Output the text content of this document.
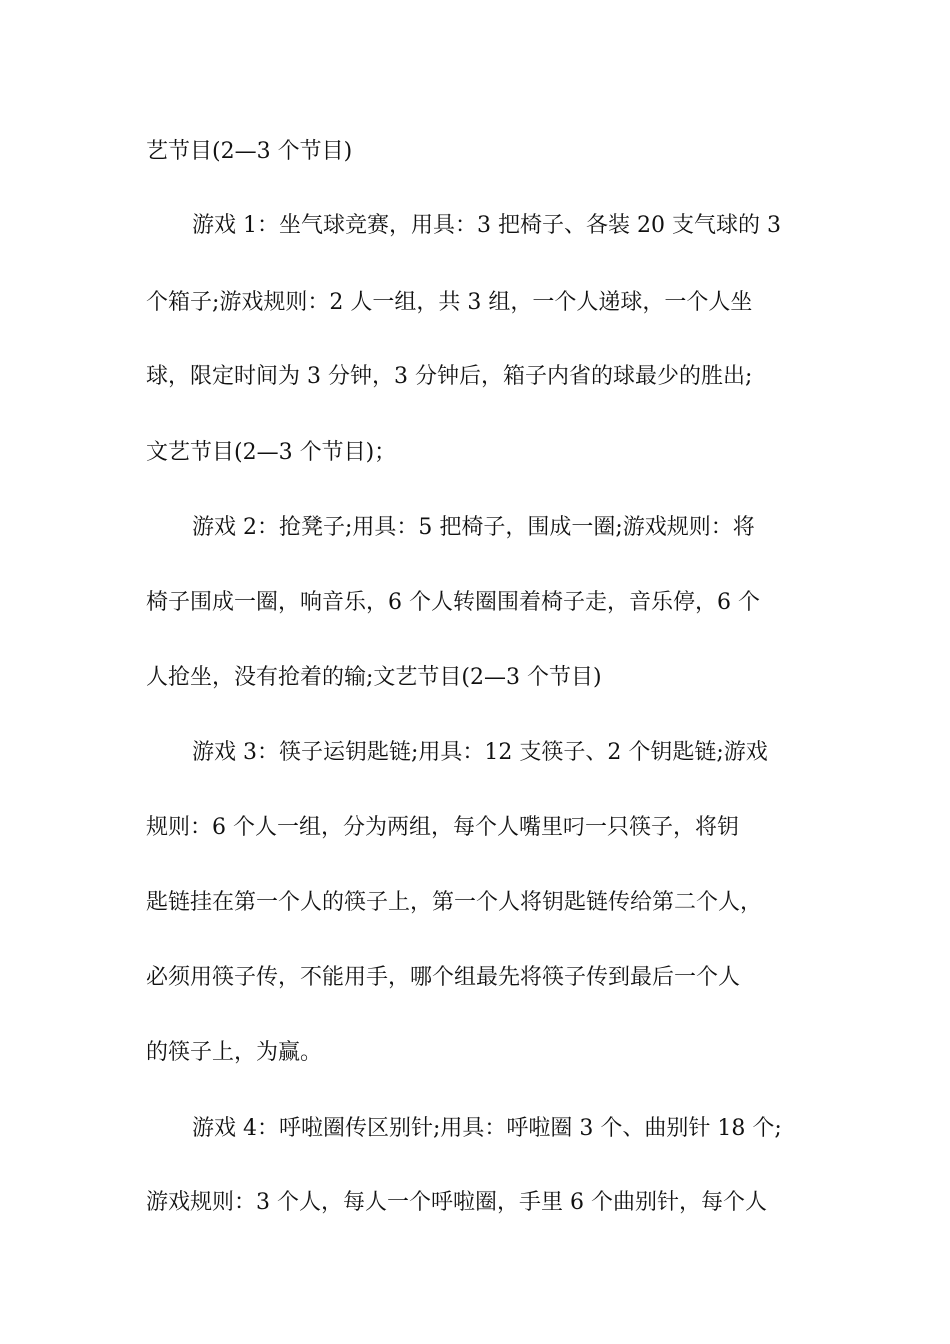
艺节目(2—3 个节目)
游戏 1：坐气球竞赛，用具：3 把椅子、各装 20 支气球的 3
个箱子;游戏规则：2 人一组，共 3 组，一个人递球，一个人坐
球，限定时间为 3 分钟，3 分钟后，箱子内省的球最少的胜出;
文艺节目(2—3 个节目)；
游戏 2：抢凳子;用具：5 把椅子，围成一圈;游戏规则：将
椅子围成一圈，响音乐，6 个人转圈围着椅子走，音乐停，6 个
人抢坐，没有抢着的输;文艺节目(2—3 个节目)
游戏 3：筷子运钥匙链;用具：12 支筷子、2 个钥匙链;游戏
规则：6 个人一组，分为两组，每个人嘴里叼一只筷子，将钥
匙链挂在第一个人的筷子上，第一个人将钥匙链传给第二个人，
必须用筷子传，不能用手，哪个组最先将筷子传到最后一个人
的筷子上，为赢。
游戏 4：呼啦圈传区别针;用具：呼啦圈 3 个、曲别针 18 个;
游戏规则：3 个人，每人一个呼啦圈，手里 6 个曲别针，每个人
